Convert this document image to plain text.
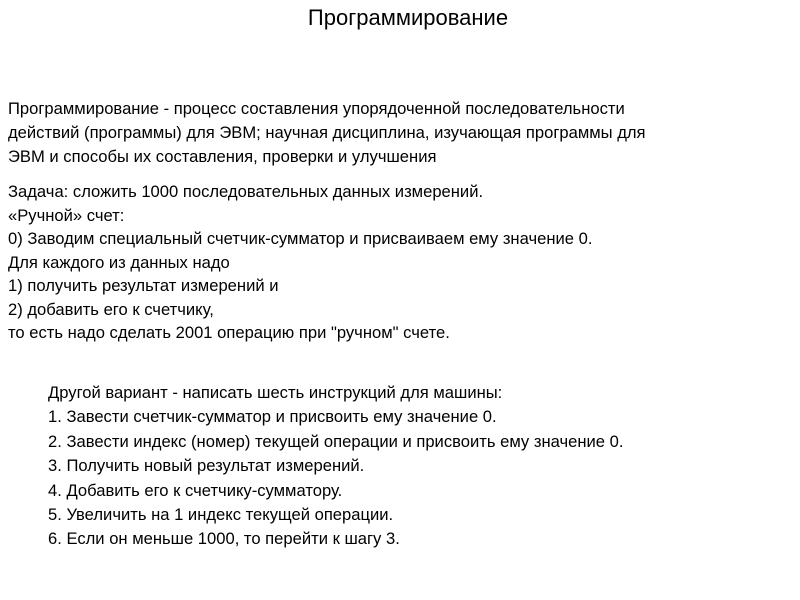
Программирование
Программирование - процесс составления упорядоченной последовательности
действий (программы) для ЭВМ; научная дисциплина, изучающая программы для
ЭВМ и способы их составления, проверки и улучшения
Задача: сложить 1000 последовательных данных измерений.
«Ручной» счет:
0) Заводим специальный счетчик-сумматор и присваиваем ему значение 0.
Для каждого из данных надо
1) получить результат измерений и
2) добавить его к счетчику,
то есть надо сделать 2001 операцию при "ручном" счете.
Другой вариант - написать шесть инструкций для машины:
1. Завести счетчик-сумматор и присвоить ему значение 0.
2. Завести индекс (номер) текущей операции и присвоить ему значение 0.
3. Получить новый результат измерений.
4. Добавить его к счетчику-сумматору.
5. Увеличить на 1 индекс текущей операции.
6. Если он меньше 1000, то перейти к шагу 3.
